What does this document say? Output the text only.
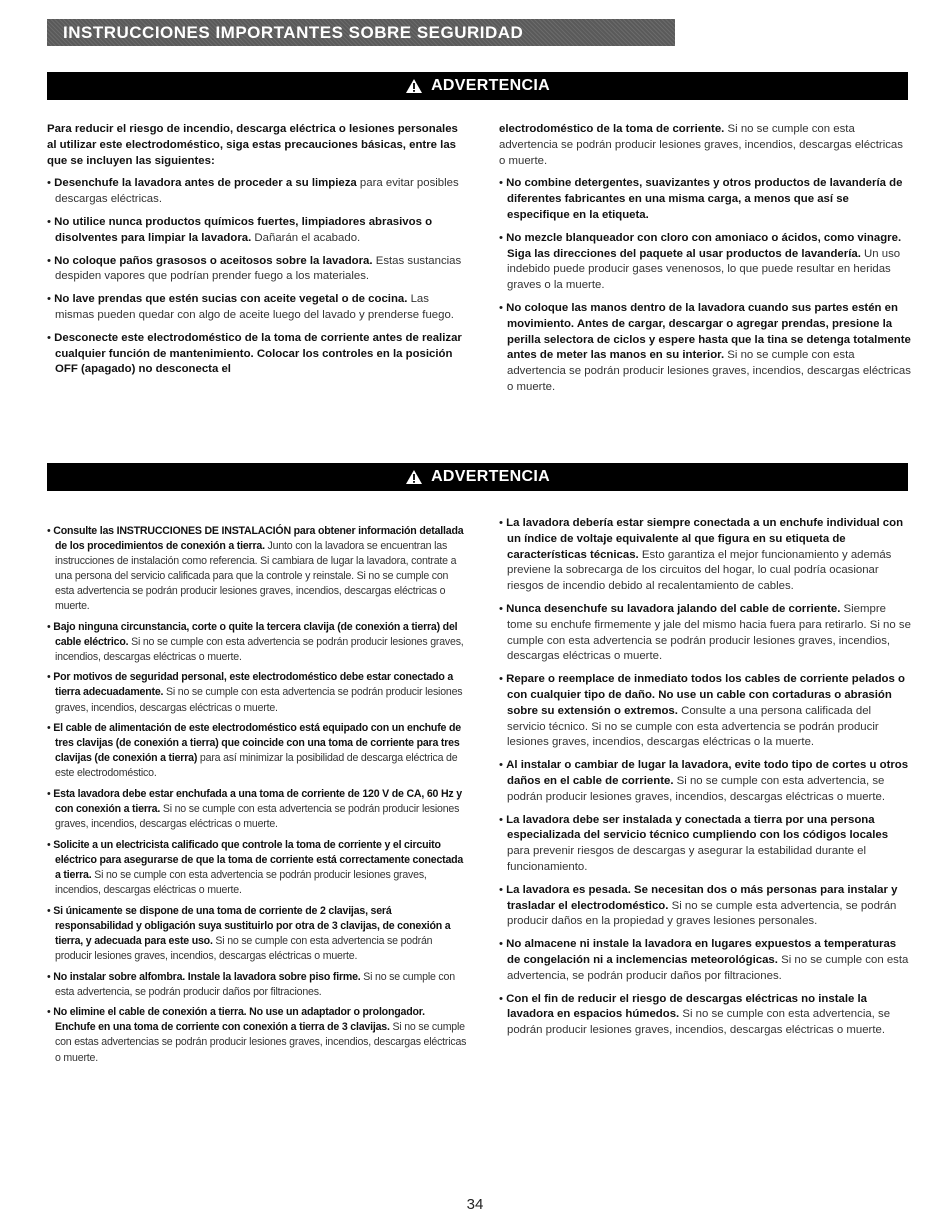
INSTRUCCIONES IMPORTANTES SOBRE SEGURIDAD
ADVERTENCIA

Para reducir el riesgo de incendio, descarga eléctrica o lesiones personales al utilizar este electrodoméstico, siga estas precauciones básicas, entre las que se incluyen las siguientes:

• Desenchufe la lavadora antes de proceder a su limpieza para evitar posibles descargas eléctricas.

• No utilice nunca productos químicos fuertes, limpiadores abrasivos o disolventes para limpiar la lavadora. Dañarán el acabado.

• No coloque paños grasosos o aceitosos sobre la lavadora. Estas sustancias despiden vapores que podrían prender fuego a los materiales.

• No lave prendas que estén sucias con aceite vegetal o de cocina. Las mismas pueden quedar con algo de aceite luego del lavado y prenderse fuego.

• Desconecte este electrodoméstico de la toma de corriente antes de realizar cualquier función de mantenimiento. Colocar los controles en la posición OFF (apagado) no desconecta el

electrodoméstico de la toma de corriente. Si no se cumple con esta advertencia se podrán producir lesiones graves, incendios, descargas eléctricas o muerte.

• No combine detergentes, suavizantes y otros productos de lavandería de diferentes fabricantes en una misma carga, a menos que así se especifique en la etiqueta.

• No mezcle blanqueador con cloro con amoniaco o ácidos, como vinagre. Siga las direcciones del paquete al usar productos de lavandería. Un uso indebido puede producir gases venenosos, lo que puede resultar en heridas graves o la muerte.

• No coloque las manos dentro de la lavadora cuando sus partes estén en movimiento. Antes de cargar, descargar o agregar prendas, presione la perilla selectora de ciclos y espere hasta que la tina se detenga totalmente antes de meter las manos en su interior. Si no se cumple con esta advertencia se podrán producir lesiones graves, incendios, descargas eléctricas o muerte.

ADVERTENCIA

• Consulte las INSTRUCCIONES DE INSTALACIÓN para obtener información detallada de los procedimientos de conexión a tierra. Junto con la lavadora se encuentran las instrucciones de instalación como referencia. Si cambiara de lugar la lavadora, contrate a una persona del servicio calificada para que la controle y reinstale. Si no se cumple con esta advertencia se podrán producir lesiones graves, incendios, descargas eléctricas o muerte.

• Bajo ninguna circunstancia, corte o quite la tercera clavija (de conexión a tierra) del cable eléctrico. Si no se cumple con esta advertencia se podrán producir lesiones graves, incendios, descargas eléctricas o muerte.

• Por motivos de seguridad personal, este electrodoméstico debe estar conectado a tierra adecuadamente. Si no se cumple con esta advertencia se podrán producir lesiones graves, incendios, descargas eléctricas o muerte.

• El cable de alimentación de este electrodoméstico está equipado con un enchufe de tres clavijas (de conexión a tierra) que coincide con una toma de corriente para tres clavijas (de conexión a tierra) para así minimizar la posibilidad de descarga eléctrica de este electrodoméstico.

• Esta lavadora debe estar enchufada a una toma de corriente de 120 V de CA, 60 Hz y con conexión a tierra. Si no se cumple con esta advertencia se podrán producir lesiones graves, incendios, descargas eléctricas o muerte.

• Solicite a un electricista calificado que controle la toma de corriente y el circuito eléctrico para asegurarse de que la toma de corriente está correctamente conectada a tierra. Si no se cumple con esta advertencia se podrán producir lesiones graves, incendios, descargas eléctricas o muerte.

• Si únicamente se dispone de una toma de corriente de 2 clavijas, será responsabilidad y obligación suya sustituirlo por otra de 3 clavijas, de conexión a tierra, y adecuada para este uso. Si no se cumple con esta advertencia se podrán producir lesiones graves, incendios, descargas eléctricas o muerte.

• No instalar sobre alfombra. Instale la lavadora sobre piso firme. Si no se cumple con esta advertencia, se podrán producir daños por filtraciones.

• No elimine el cable de conexión a tierra. No use un adaptador o prolongador. Enchufe en una toma de corriente con conexión a tierra de 3 clavijas. Si no se cumple con estas advertencias se podrán producir lesiones graves, incendios, descargas eléctricas o muerte.

• La lavadora debería estar siempre conectada a un enchufe individual con un índice de voltaje equivalente al que figura en su etiqueta de características técnicas. Esto garantiza el mejor funcionamiento y además previene la sobrecarga de los circuitos del hogar, lo cual podría ocasionar riesgos de incendio debido al recalentamiento de cables.

• Nunca desenchufe su lavadora jalando del cable de corriente. Siempre tome su enchufe firmemente y jale del mismo hacia fuera para retirarlo. Si no se cumple con esta advertencia se podrán producir lesiones graves, incendios, descargas eléctricas o muerte.

• Repare o reemplace de inmediato todos los cables de corriente pelados o con cualquier tipo de daño. No use un cable con cortaduras o abrasión sobre su extensión o extremos. Consulte a una persona calificada del servicio técnico. Si no se cumple con esta advertencia se podrán producir lesiones graves, incendios, descargas eléctricas o la muerte.

• Al instalar o cambiar de lugar la lavadora, evite todo tipo de cortes u otros daños en el cable de corriente. Si no se cumple con esta advertencia, se podrán producir lesiones graves, incendios, descargas eléctricas o muerte.

• La lavadora debe ser instalada y conectada a tierra por una persona especializada del servicio técnico cumpliendo con los códigos locales para prevenir riesgos de descargas y asegurar la estabilidad durante el funcionamiento.

• La lavadora es pesada. Se necesitan dos o más personas para instalar y trasladar el electrodoméstico. Si no se cumple esta advertencia, se podrán producir daños en la propiedad y graves lesiones personales.

• No almacene ni instale la lavadora en lugares expuestos a temperaturas de congelación ni a inclemencias meteorológicas. Si no se cumple con esta advertencia, se podrán producir daños por filtraciones.

• Con el fin de reducir el riesgo de descargas eléctricas no instale la lavadora en espacios húmedos. Si no se cumple con esta advertencia, se podrán producir lesiones graves, incendios, descargas eléctricas o muerte.

34
